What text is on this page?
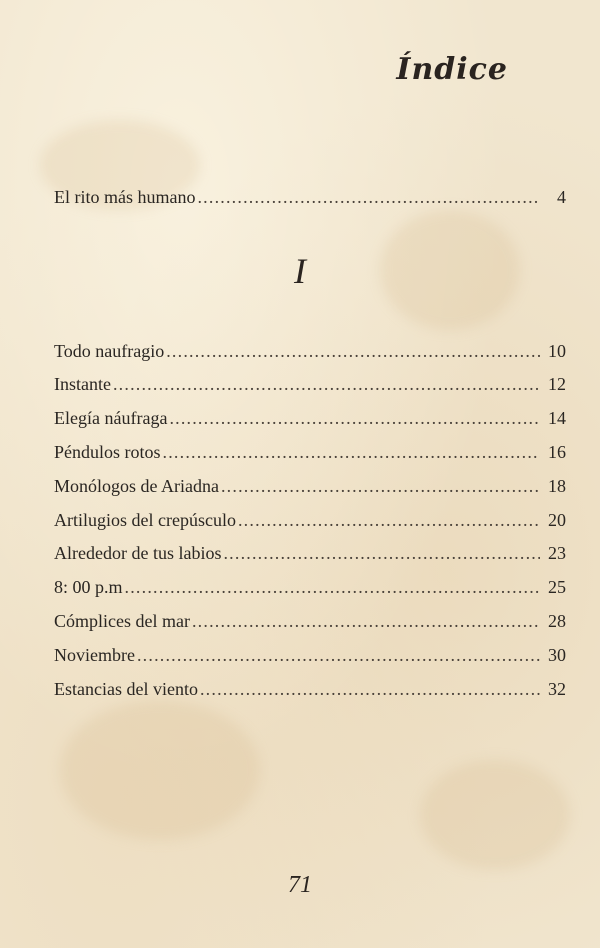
Índice
El rito más humano .....	4
I
Todo naufragio .....	10
Instante .....	12
Elegía náufraga .....	14
Péndulos rotos .....	16
Monólogos de Ariadna .....	18
Artilugios del crepúsculo .....	20
Alrededor de tus labios .....	23
8: 00 p.m .....	25
Cómplices del mar .....	28
Noviembre .....	30
Estancias del viento .....	32
71
